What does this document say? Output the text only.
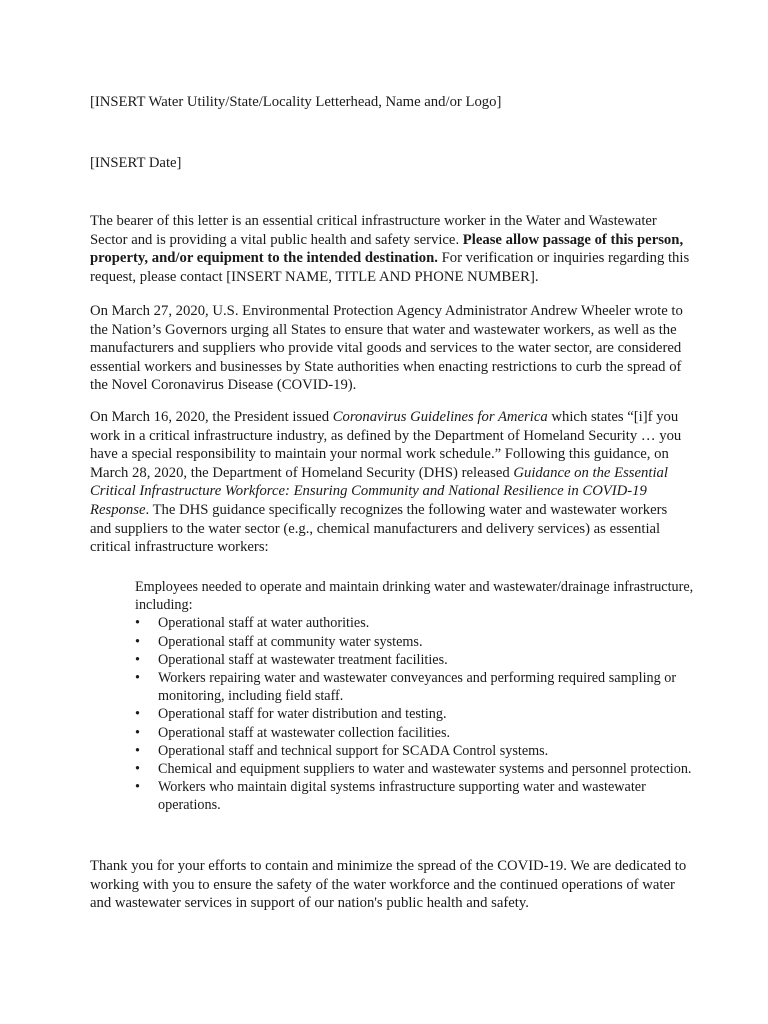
[INSERT Water Utility/State/Locality Letterhead, Name and/or Logo]
[INSERT Date]

The bearer of this letter is an essential critical infrastructure worker in the Water and Wastewater Sector and is providing a vital public health and safety service. Please allow passage of this person, property, and/or equipment to the intended destination. For verification or inquiries regarding this request, please contact [INSERT NAME, TITLE AND PHONE NUMBER].

On March 27, 2020, U.S. Environmental Protection Agency Administrator Andrew Wheeler wrote to the Nation’s Governors urging all States to ensure that water and wastewater workers, as well as the manufacturers and suppliers who provide vital goods and services to the water sector, are considered essential workers and businesses by State authorities when enacting restrictions to curb the spread of the Novel Coronavirus Disease (COVID-19).

On March 16, 2020, the President issued Coronavirus Guidelines for America which states “[i]f you work in a critical infrastructure industry, as defined by the Department of Homeland Security … you have a special responsibility to maintain your normal work schedule.” Following this guidance, on March 28, 2020, the Department of Homeland Security (DHS) released Guidance on the Essential Critical Infrastructure Workforce: Ensuring Community and National Resilience in COVID-19 Response. The DHS guidance specifically recognizes the following water and wastewater workers and suppliers to the water sector (e.g., chemical manufacturers and delivery services) as essential critical infrastructure workers:

Employees needed to operate and maintain drinking water and wastewater/drainage infrastructure, including:
• Operational staff at water authorities.
• Operational staff at community water systems.
• Operational staff at wastewater treatment facilities.
• Workers repairing water and wastewater conveyances and performing required sampling or monitoring, including field staff.
• Operational staff for water distribution and testing.
• Operational staff at wastewater collection facilities.
• Operational staff and technical support for SCADA Control systems.
• Chemical and equipment suppliers to water and wastewater systems and personnel protection.
• Workers who maintain digital systems infrastructure supporting water and wastewater operations.

Thank you for your efforts to contain and minimize the spread of the COVID-19. We are dedicated to working with you to ensure the safety of the water workforce and the continued operations of water and wastewater services in support of our nation's public health and safety.
